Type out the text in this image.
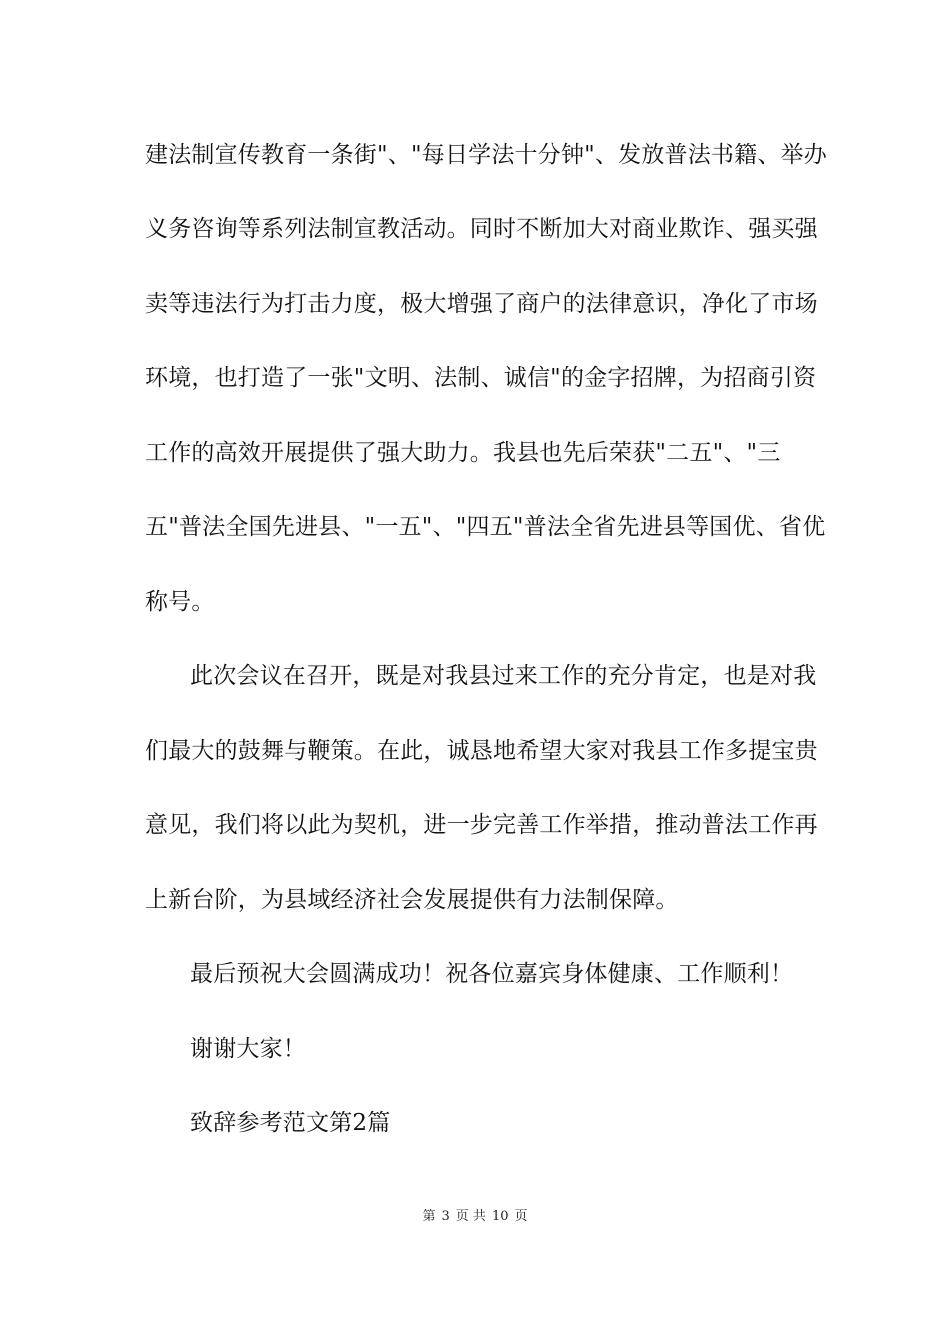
建法制宣传教育一条街"、"每日学法十分钟"、发放普法书籍、举办
义务咨询等系列法制宣教活动。同时不断加大对商业欺诈、强买强
卖等违法行为打击力度，极大增强了商户的法律意识，净化了市场
环境，也打造了一张"文明、法制、诚信"的金字招牌，为招商引资
工作的高效开展提供了强大助力。我县也先后荣获"二五"、"三
五"普法全国先进县、"一五"、"四五"普法全省先进县等国优、省优
称号。
此次会议在召开，既是对我县过来工作的充分肯定，也是对我
们最大的鼓舞与鞭策。在此，诚恳地希望大家对我县工作多提宝贵
意见，我们将以此为契机，进一步完善工作举措，推动普法工作再
上新台阶，为县域经济社会发展提供有力法制保障。
最后预祝大会圆满成功！祝各位嘉宾身体健康、工作顺利！
谢谢大家！
致辞参考范文第2篇
第 3 页 共 10 页
